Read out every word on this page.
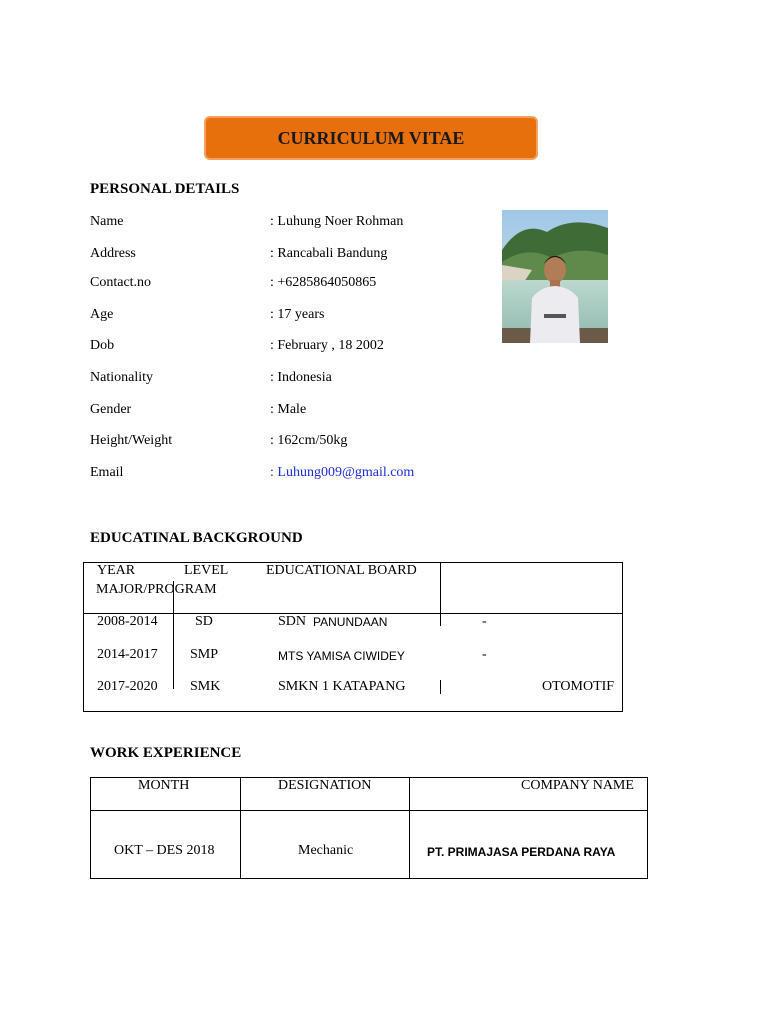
CURRICULUM VITAE
PERSONAL DETAILS
Name	: Luhung Noer Rohman
Address	: Rancabali Bandung
Contact.no	: +6285864050865
Age	: 17 years
Dob	: February , 18 2002
Nationality	: Indonesia
Gender	: Male
Height/Weight	: 162cm/50kg
Email	: Luhung009@gmail.com
EDUCATINAL BACKGROUND
YEAR	LEVEL	EDUCATIONAL BOARD
MAJOR/PROGRAM
2008-2014	SD	SDN PANUNDAAN	-
2014-2017 SMP	MTS YAMISA CIWIDEY	-
2017-2020 SMK	SMKN 1 KATAPANG	OTOMOTIF
WORK EXPERIENCE
MONTH	DESIGNATION	COMPANY NAME
OKT – DES 2018	Mechanic	PT. PRIMAJASA PERDANA RAYA
